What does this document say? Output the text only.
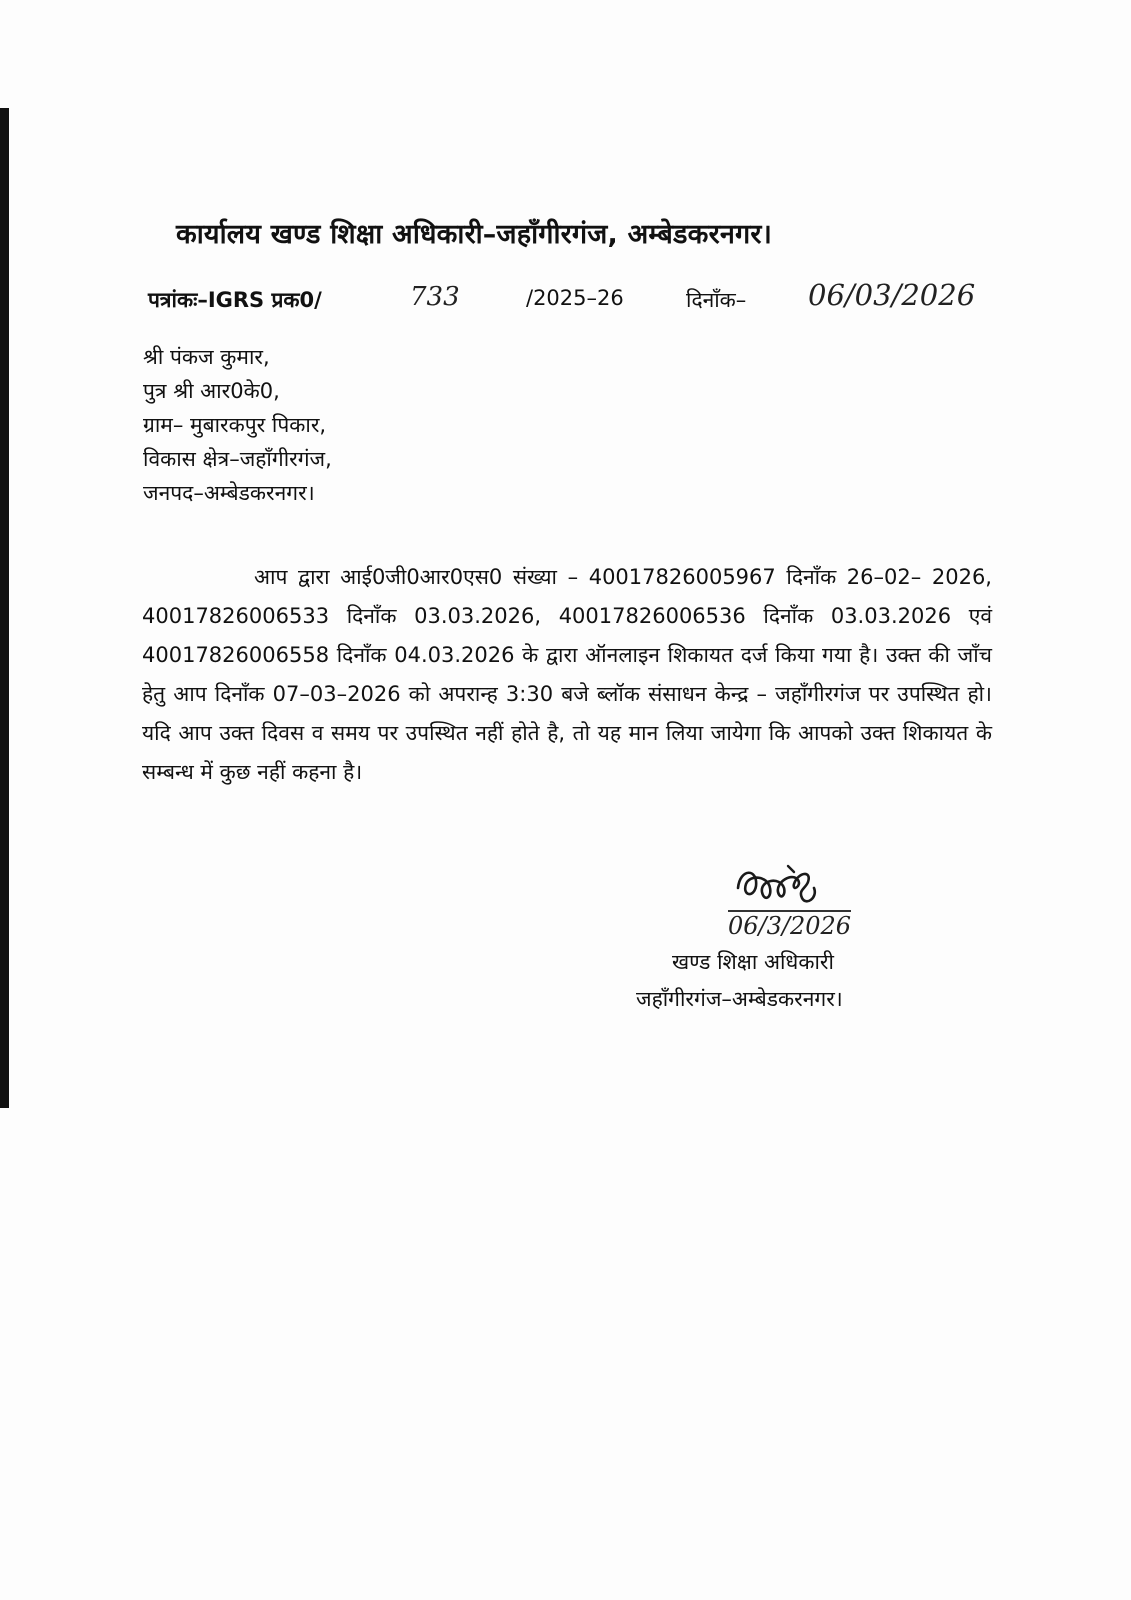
कार्यालय खण्ड शिक्षा अधिकारी–जहाँगीरगंज, अम्बेडकरनगर।
पत्रांकः–IGRS प्रक0/	733	/2025–26	दिनाँक– 06/03/2026
श्री पंकज कुमार,
पुत्र श्री आर0के0,
ग्राम– मुबारकपुर पिकार,
विकास क्षेत्र–जहाँगीरगंज,
जनपद–अम्बेडकरनगर।
आप द्वारा आई0जी0आर0एस0 संख्या – 40017826005967 दिनाँक 26–02– 2026, 40017826006533 दिनाँक 03.03.2026, 40017826006536 दिनाँक 03.03.2026 एवं 40017826006558 दिनाँक 04.03.2026 के द्वारा ऑनलाइन शिकायत दर्ज किया गया है। उक्त की जाँच हेतु आप दिनाँक 07–03–2026 को अपरान्ह 3:30 बजे ब्लॉक संसाधन केन्द्र – जहाँगीरगंज पर उपस्थित हो। यदि आप उक्त दिवस व समय पर उपस्थित नहीं होते है, तो यह मान लिया जायेगा कि आपको उक्त शिकायत के सम्बन्ध में कुछ नहीं कहना है।
06/3/2026
खण्ड शिक्षा अधिकारी
जहाँगीरगंज–अम्बेडकरनगर।
